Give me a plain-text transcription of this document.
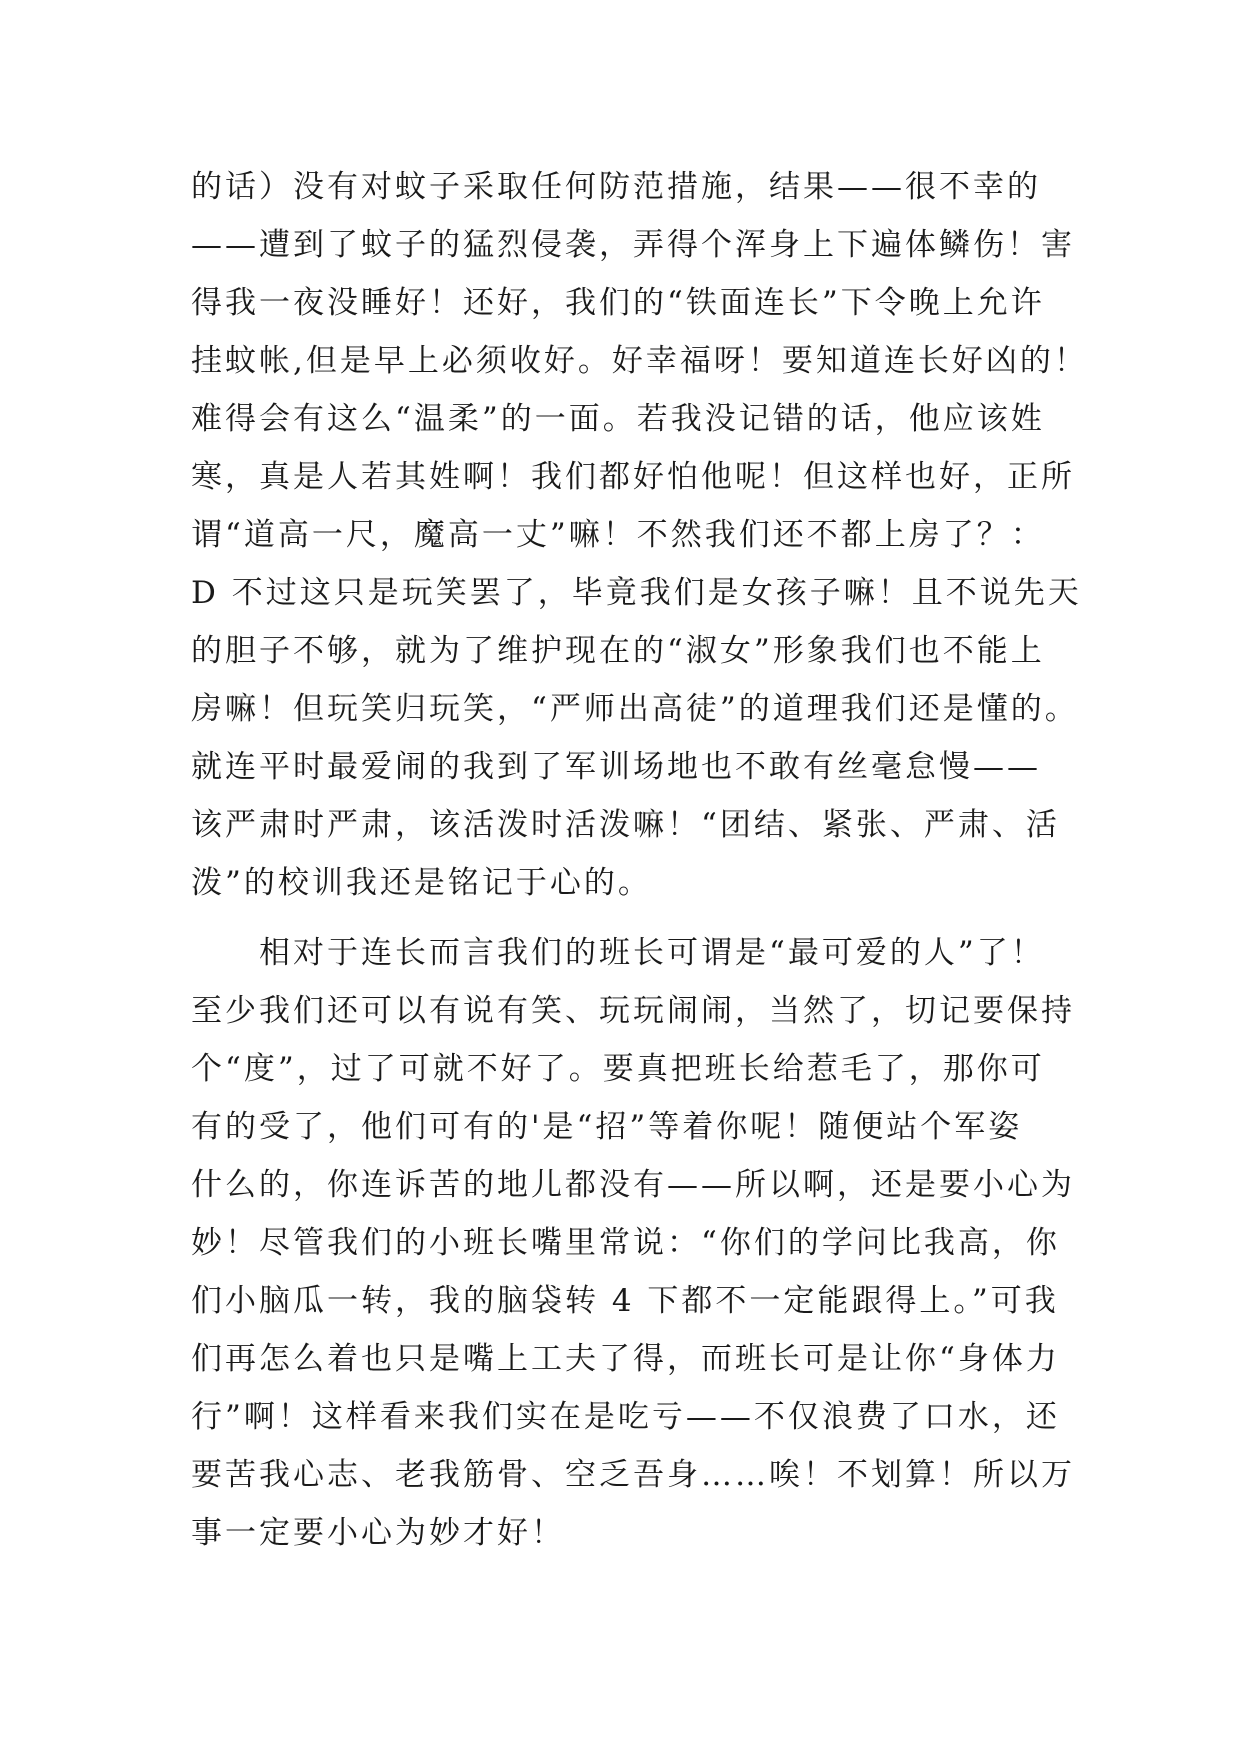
的话）没有对蚊子采取任何防范措施，结果——很不幸的
——遭到了蚊子的猛烈侵袭，弄得个浑身上下遍体鳞伤！害
得我一夜没睡好！还好，我们的“铁面连长”下令晚上允许
挂蚊帐,但是早上必须收好。好幸福呀！要知道连长好凶的！
难得会有这么“温柔”的一面。若我没记错的话，他应该姓
寒，真是人若其姓啊！我们都好怕他呢！但这样也好，正所
谓“道高一尺，魔高一丈”嘛！不然我们还不都上房了？：
D 不过这只是玩笑罢了，毕竟我们是女孩子嘛！且不说先天
的胆子不够，就为了维护现在的“淑女”形象我们也不能上
房嘛！但玩笑归玩笑，“严师出高徒”的道理我们还是懂的。
就连平时最爱闹的我到了军训场地也不敢有丝毫怠慢——
该严肃时严肃，该活泼时活泼嘛！“团结、紧张、严肃、活
泼”的校训我还是铭记于心的。
　　相对于连长而言我们的班长可谓是“最可爱的人”了！
至少我们还可以有说有笑、玩玩闹闹，当然了，切记要保持
个“度”，过了可就不好了。要真把班长给惹毛了，那你可
有的受了，他们可有的'是“招”等着你呢！随便站个军姿
什么的，你连诉苦的地儿都没有——所以啊，还是要小心为
妙！尽管我们的小班长嘴里常说：“你们的学问比我高，你
们小脑瓜一转，我的脑袋转 4 下都不一定能跟得上。”可我
们再怎么着也只是嘴上工夫了得，而班长可是让你“身体力
行”啊！这样看来我们实在是吃亏——不仅浪费了口水，还
要苦我心志、老我筋骨、空乏吾身……唉！不划算！所以万
事一定要小心为妙才好！
